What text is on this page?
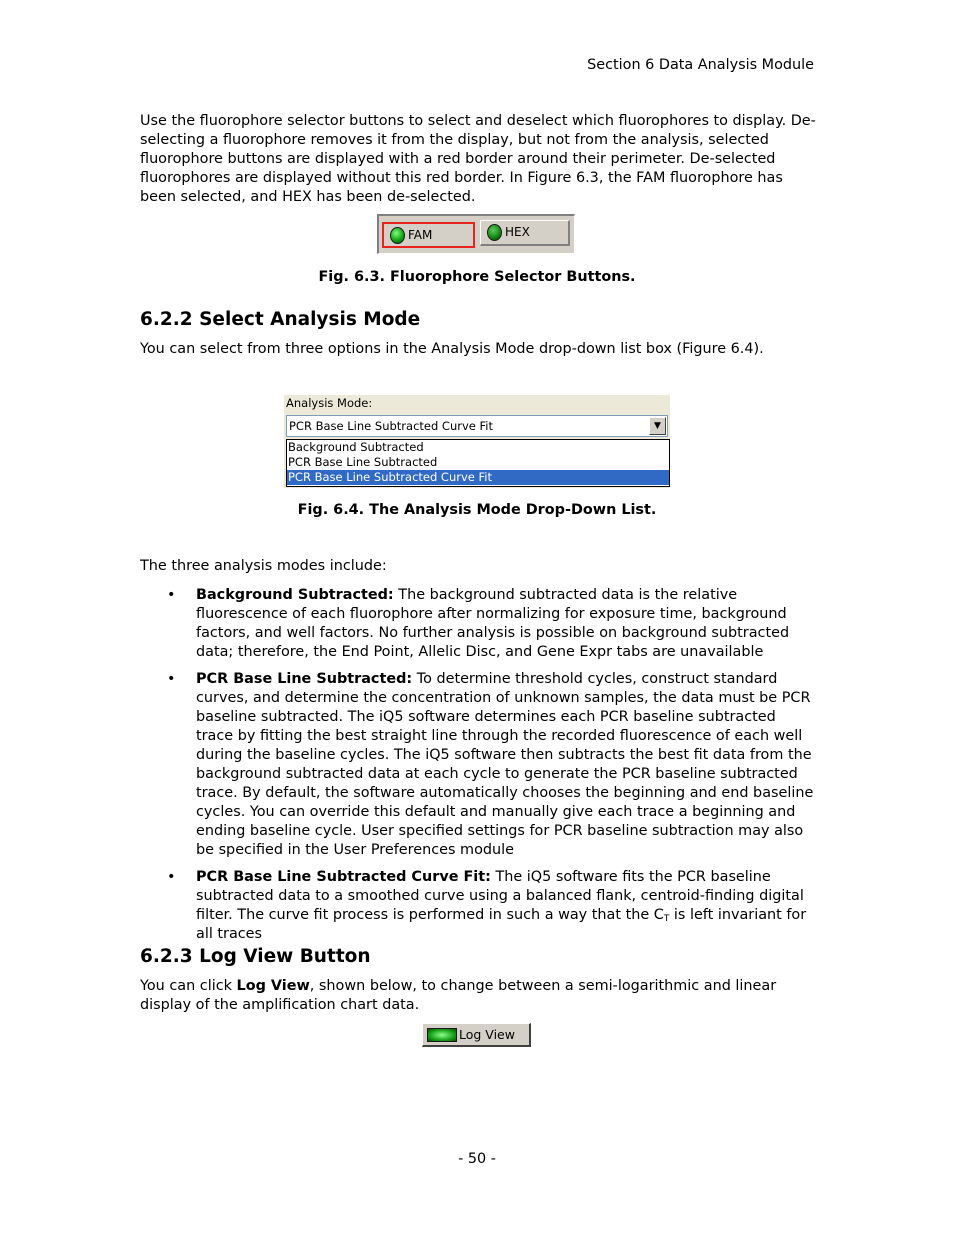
Section 6 Data Analysis Module
Use the fluorophore selector buttons to select and deselect which fluorophores to display. De-selecting a fluorophore removes it from the display, but not from the analysis, selected fluorophore buttons are displayed with a red border around their perimeter. De-selected fluorophores are displayed without this red border. In Figure 6.3, the FAM fluorophore has been selected, and HEX has been de-selected.
FAM	HEX
Fig. 6.3. Fluorophore Selector Buttons.
6.2.2 Select Analysis Mode
You can select from three options in the Analysis Mode drop-down list box (Figure 6.4).
Analysis Mode:
PCR Base Line Subtracted Curve Fit	▼
Background Subtracted
PCR Base Line Subtracted
PCR Base Line Subtracted Curve Fit
Fig. 6.4. The Analysis Mode Drop-Down List.
The three analysis modes include:
• Background Subtracted: The background subtracted data is the relative fluorescence of each fluorophore after normalizing for exposure time, background factors, and well factors. No further analysis is possible on background subtracted data; therefore, the End Point, Allelic Disc, and Gene Expr tabs are unavailable
• PCR Base Line Subtracted: To determine threshold cycles, construct standard curves, and determine the concentration of unknown samples, the data must be PCR baseline subtracted. The iQ5 software determines each PCR baseline subtracted trace by fitting the best straight line through the recorded fluorescence of each well during the baseline cycles. The iQ5 software then subtracts the best fit data from the background subtracted data at each cycle to generate the PCR baseline subtracted trace. By default, the software automatically chooses the beginning and end baseline cycles. You can override this default and manually give each trace a beginning and ending baseline cycle. User specified settings for PCR baseline subtraction may also be specified in the User Preferences module
• PCR Base Line Subtracted Curve Fit: The iQ5 software fits the PCR baseline subtracted data to a smoothed curve using a balanced flank, centroid-finding digital filter. The curve fit process is performed in such a way that the $C_T$ is left invariant for all traces
6.2.3 Log View Button
You can click Log View, shown below, to change between a semi-logarithmic and linear display of the amplification chart data.
Log View
- 50 -
